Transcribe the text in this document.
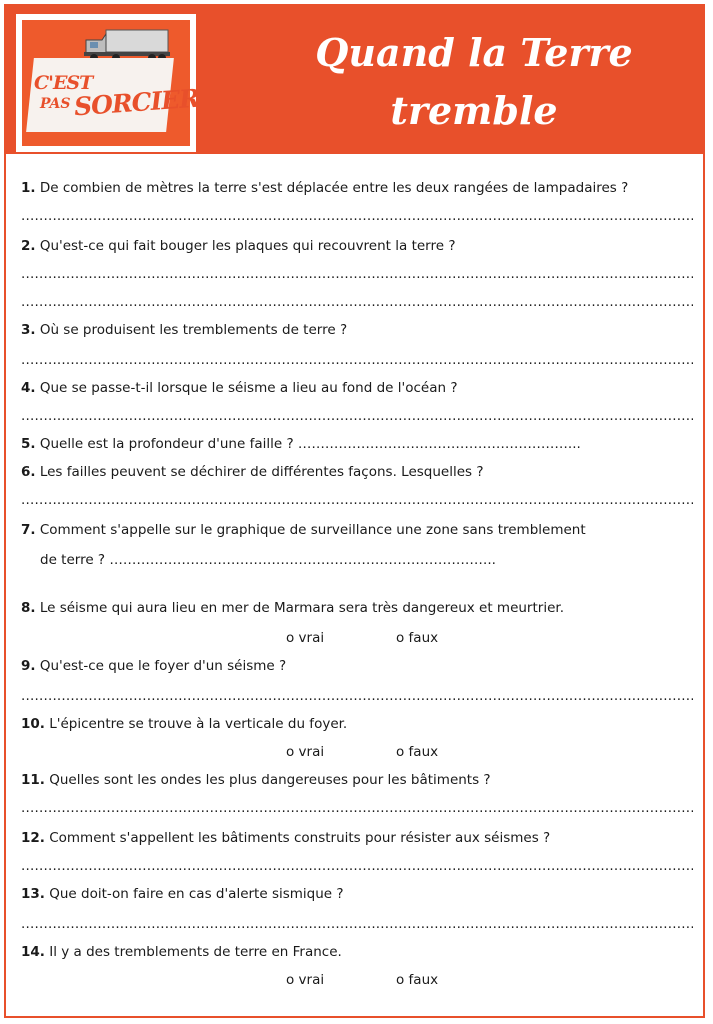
C'EST
PAS SORCIER
Quand la Terre
tremble
1. De combien de mètres la terre s'est déplacée entre les deux rangées de lampadaires ?
.....
2. Qu'est-ce qui fait bouger les plaques qui recouvrent la terre ?
.....
.....
3. Où se produisent les tremblements de terre ?
.....
4. Que se passe-t-il lorsque le séisme a lieu au fond de l'océan ?
.....
5. Quelle est la profondeur d'une faille ? ……………………………………………………...
6. Les failles peuvent se déchirer de différentes façons. Lesquelles ?
.....
7. Comment s'appelle sur le graphique de surveillance une zone sans tremblement
de terre ? …………………………………………………………………………..
8. Le séisme qui aura lieu en mer de Marmara sera très dangereux et meurtrier.
o vrai	o faux
9. Qu'est-ce que le foyer d'un séisme ?
.....
10. L'épicentre se trouve à la verticale du foyer.
o vrai	o faux
11. Quelles sont les ondes les plus dangereuses pour les bâtiments ?
.....
12. Comment s'appellent les bâtiments construits pour résister aux séismes ?
.....
13. Que doit-on faire en cas d'alerte sismique ?
.....
14. Il y a des tremblements de terre en France.
o vrai	o faux
